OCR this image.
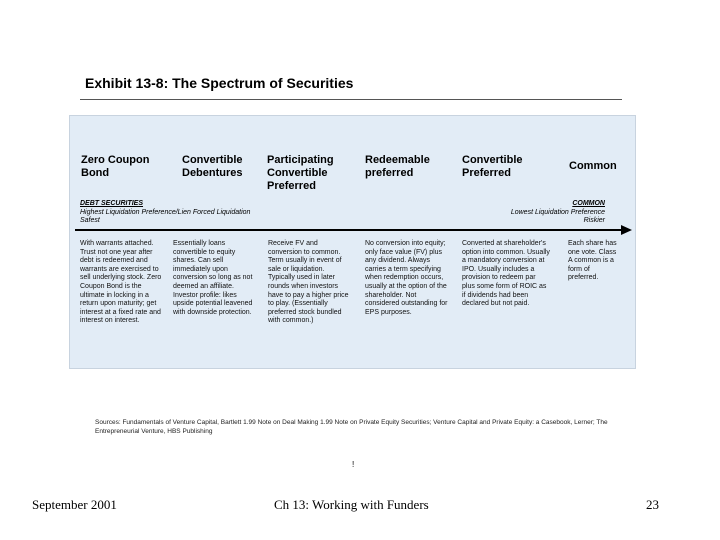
Exhibit 13-8: The Spectrum of Securities
Zero Coupon Bond
Convertible Debentures
Participating Convertible Preferred
Redeemable preferred
Convertible Preferred
Common
DEBT SECURITIES
Highest Liquidation Preference/Lien Forced Liquidation
Safest
COMMON
Lowest Liquidation Preference
Riskier
With warrants attached. Trust not one year after debt is redeemed and warrants are exercised to sell underlying stock. Zero Coupon Bond is the ultimate in locking in a return upon maturity; get interest at a fixed rate and interest on interest.
Essentially loans convertible to equity shares. Can sell immediately upon conversion so long as not deemed an affiliate. Investor profile: likes upside potential leavened with downside protection.
Receive FV and conversion to common. Term usually in event of sale or liquidation. Typically used in later rounds when investors have to pay a higher price to play. (Essentially preferred stock bundled with common.)
No conversion into equity; only face value (FV) plus any dividend. Always carries a term specifying when redemption occurs, usually at the option of the shareholder. Not considered outstanding for EPS purposes.
Converted at shareholder's option into common. Usually a mandatory conversion at IPO. Usually includes a provision to redeem par plus some form of ROIC as if dividends had been declared but not paid.
Each share has one vote. Class A common is a form of preferred.
Sources: Fundamentals of Venture Capital, Bartlett 1.99 Note on Deal Making 1.99 Note on Private Equity Securities; Venture Capital and Private Equity: a Casebook, Lerner; The Entrepreneurial Venture, HBS Publishing
!
September 2001	Ch 13: Working with Funders	23
